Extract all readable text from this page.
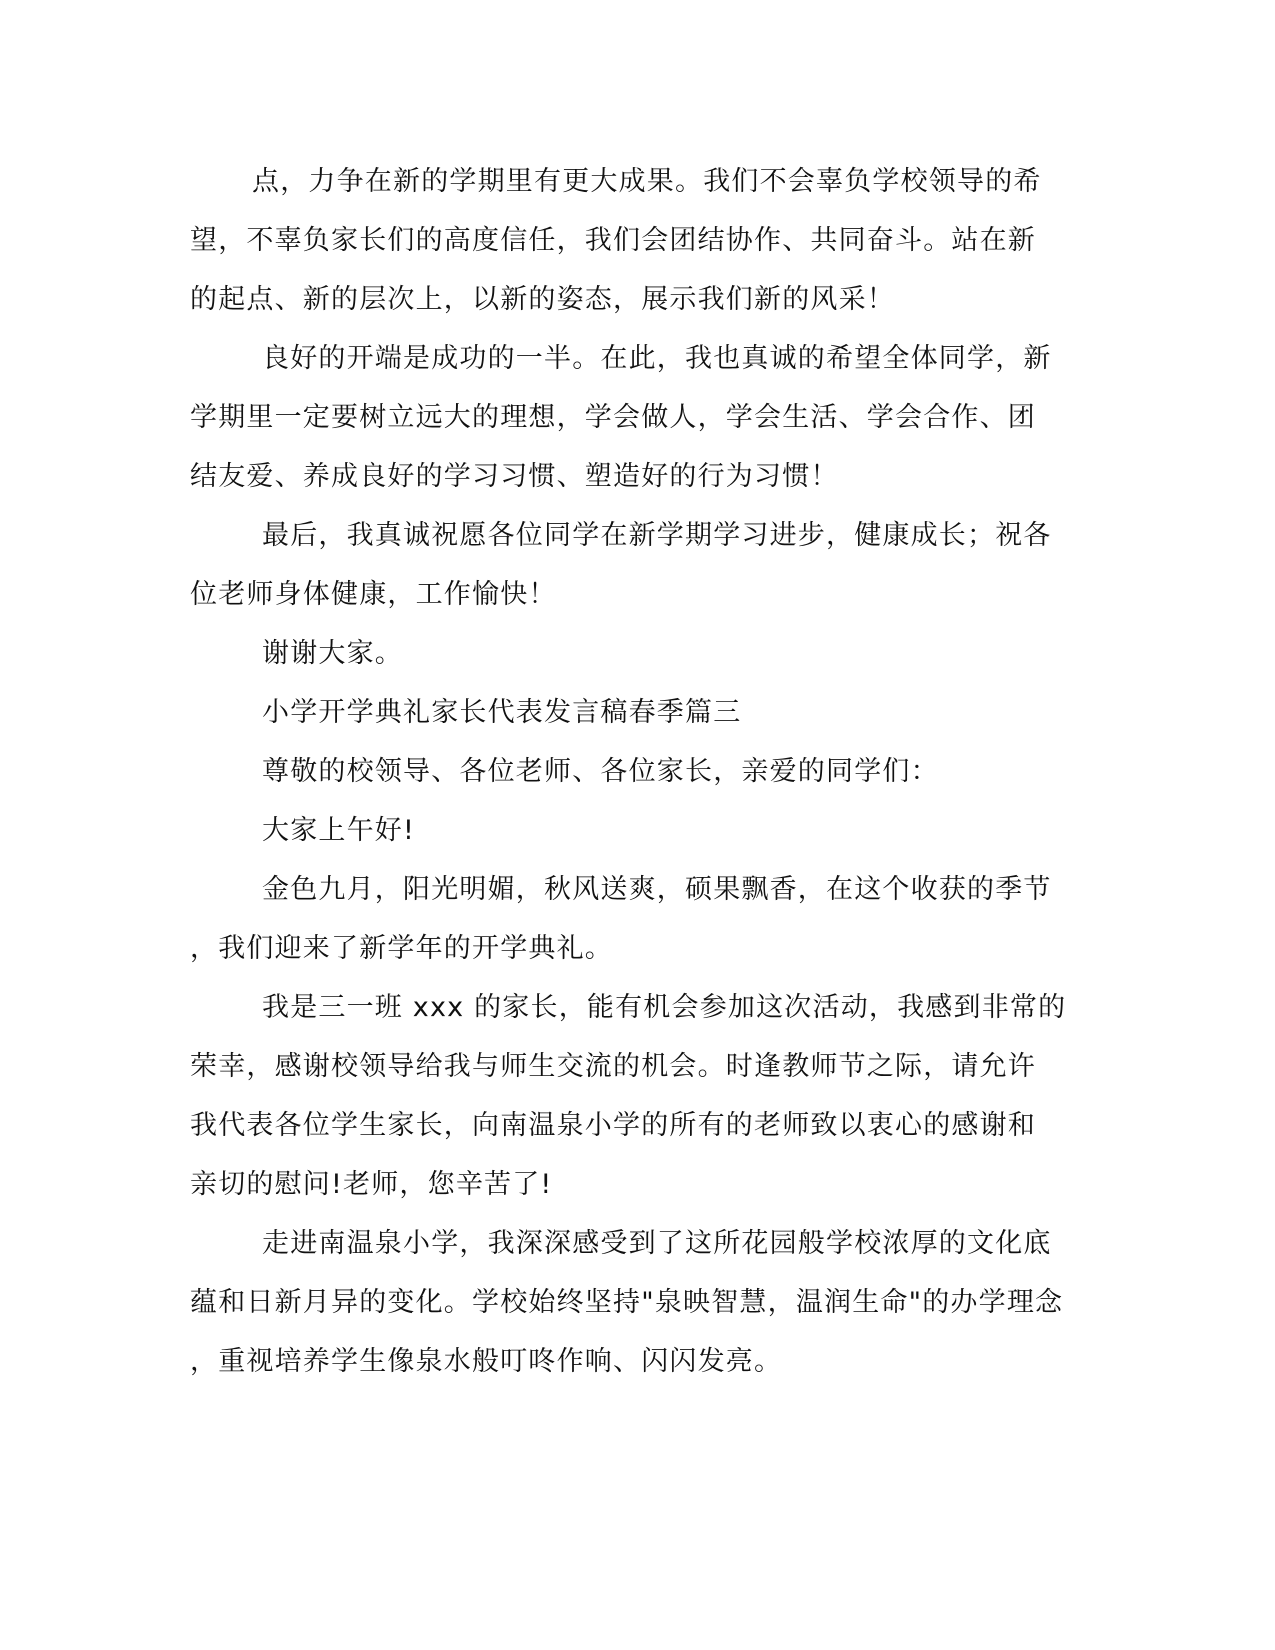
点，力争在新的学期里有更大成果。我们不会辜负学校领导的希
望，不辜负家长们的高度信任，我们会团结协作、共同奋斗。站在新
的起点、新的层次上，以新的姿态，展示我们新的风采！
良好的开端是成功的一半。在此，我也真诚的希望全体同学，新
学期里一定要树立远大的理想，学会做人，学会生活、学会合作、团
结友爱、养成良好的学习习惯、塑造好的行为习惯！
最后，我真诚祝愿各位同学在新学期学习进步，健康成长；祝各
位老师身体健康，工作愉快！
谢谢大家。
小学开学典礼家长代表发言稿春季篇三
尊敬的校领导、各位老师、各位家长，亲爱的同学们：
大家上午好!
金色九月，阳光明媚，秋风送爽，硕果飘香，在这个收获的季节
，我们迎来了新学年的开学典礼。
我是三一班 xxx 的家长，能有机会参加这次活动，我感到非常的
荣幸，感谢校领导给我与师生交流的机会。时逢教师节之际，请允许
我代表各位学生家长，向南温泉小学的所有的老师致以衷心的感谢和
亲切的慰问!老师，您辛苦了!
走进南温泉小学，我深深感受到了这所花园般学校浓厚的文化底
蕴和日新月异的变化。学校始终坚持"泉映智慧，温润生命"的办学理念
，重视培养学生像泉水般叮咚作响、闪闪发亮。
